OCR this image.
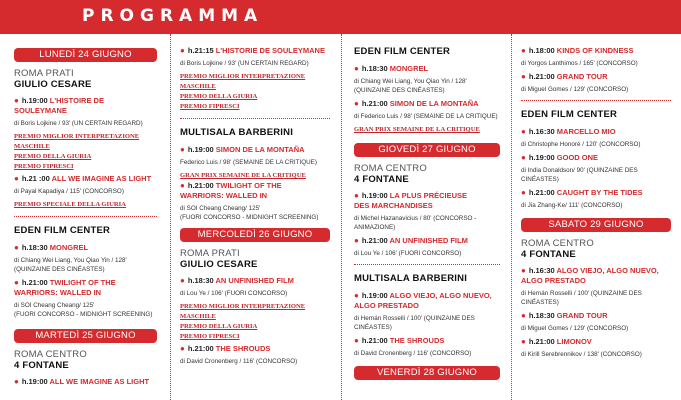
PROGRAMMA
LUNEDÌ 24 GIUGNO
ROMA PRATI
GIULIO CESARE
● h.19:00 L'HISTOIRE DE SOULEYMANE
di Boris Lojkine / 93' (UN CERTAIN REGARD)
PREMIO MIGLIOR INTERPRETAZIONE MASCHILE
PREMIO DELLA GIURIA
PREMIO FIPRESCI
● h.21 :00 ALL WE IMAGINE AS LIGHT
di Payal Kapadiya / 115' (CONCORSO)
PREMIO SPECIALE DELLA GIURIA
EDEN FILM CENTER
● h.18:30 MONGREL
di Chiang Wei Liang, You Qiao Yin / 128'
(QUINZAINE DES CINÉASTES)
● h.21:00 TWILIGHT OF THE
WARRIORS: WALLED IN
di SOI Cheang Cheang/ 125'
(FUORI CONCORSO - MIDNIGHT SCREENING)
MARTEDÌ 25 GIUGNO
ROMA CENTRO
4 FONTANE
● h.19:00 ALL WE IMAGINE AS LIGHT
● h.21:15 L'HISTORIE DE SOULEYMANE
di Boris Lojkine / 93' (UN CERTAIN REGARD)
PREMIO MIGLIOR INTERPRETAZIONE MASCHILE
PREMIO DELLA GIURIA
PREMIO FIPRESCI
MULTISALA BARBERINI
● h.19:00 SIMON DE LA MONTAÑA
Federico Luis / 98' (SEMAINE DE LA CRITIQUE)
GRAN PRIX SEMAINE DE LA CRITIQUE
● h.21:00 TWILIGHT OF THE
WARRIORS: WALLED IN
di SOI Cheang Cheang/ 125'
(FUORI CONCORSO - MIDNIGHT SCREENING)
MERCOLEDÌ 26 GIUGNO
ROMA PRATI
GIULIO CESARE
● h.18:30 AN UNFINISHED FILM
di Lou Ye / 106' (FUORI CONCORSO)
PREMIO MIGLIOR INTERPRETAZIONE MASCHILE
PREMIO DELLA GIURIA
PREMIO FIPRESCI
● h.21:00 THE SHROUDS
di David Cronenberg / 116' (CONCORSO)
EDEN FILM CENTER
● h.18:30 MONGREL
di Chiang Wei Liang, You Qiao Yin / 128'
(QUINZAINE DES CINÉASTES)
● h.21:00 SIMON DE LA MONTAÑA
di Federico Luis / 98' (SEMAINE DE LA CRITIQUE)
GRAN PRIX SEMAINE DE LA CRITIQUE
GIOVEDÌ 27 GIUGNO
ROMA CENTRO
4 FONTANE
● h.19:00 LA PLUS PRÉCIEUSE
DES MARCHANDISES
di Michel Hazanavicius / 80' (CONCORSO - ANIMAZIONE)
● h.21:00 AN UNFINISHED FILM
di Lou Ye / 106' (FUORI CONCORSO)
MULTISALA BARBERINI
● h.19:00 ALGO VIEJO, ALGO NUEVO,
ALGO PRESTADO
di Hernán Rosselli / 100' (QUINZAINE DES CINÉASTES)
● h.21:00 THE SHROUDS
di David Cronenberg / 116' (CONCORSO)
VENERDÌ 28 GIUGNO
● h.18:00 KINDS OF KINDNESS
di Yorgos Lanthimos / 165' (CONCORSO)
● h.21:00 GRAND TOUR
di Miguel Gomes / 129' (CONCORSO)
EDEN FILM CENTER
● h.16:30 MARCELLO MIO
di Christophe Honoré / 120' (CONCORSO)
● h.19:00 GOOD ONE
di India Donaldson/ 90' (QUINZAINE DES CINÉASTES)
● h.21:00 CAUGHT BY THE TIDES
di Jia Zhang-Ke/ 111' (CONCORSO)
SABATO 29 GIUGNO
ROMA CENTRO
4 FONTANE
● h.16:30 ALGO VIEJO, ALGO NUEVO,
ALGO PRESTADO
di Hernán Rosselli / 100' (QUINZAINE DES CINÉASTES)
● h.18:30 GRAND TOUR
di Miguel Gomes / 129' (CONCORSO)
● h.21:00 LIMONOV
di Kirill Serebrennikov / 138' (CONCORSO)
